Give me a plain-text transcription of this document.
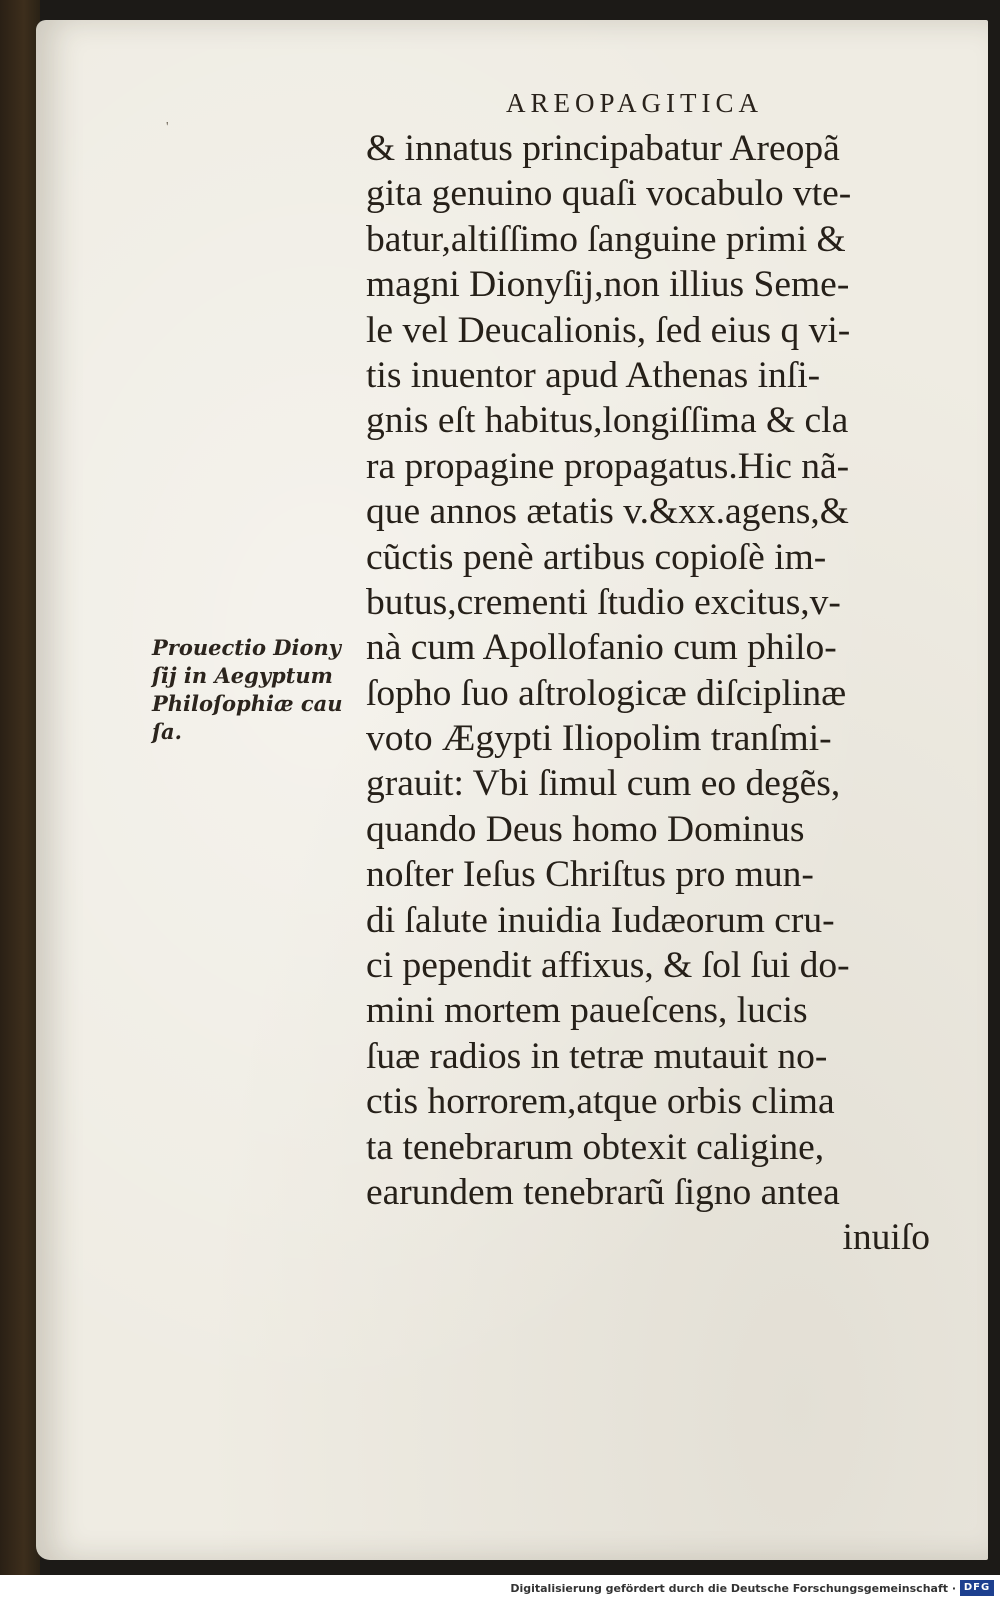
AREOPAGITICA
'
& innatus principabatur Areopã
gita genuino quaſi vocabulo vte-
batur,altiſſimo ſanguine primi &
magni Dionyſij,non illius Seme-
le vel Deucalionis, ſed eius q vi-
tis inuentor apud Athenas inſi-
gnis eſt habitus,longiſſima & cla
ra propagine propagatus.Hic nã-
que annos ætatis v.&xx.agens,&
cũctis penè artibus copioſè im-
butus,crementi ſtudio excitus,v-
nà cum Apollofanio cum philo-
ſopho ſuo aſtrologicæ diſciplinæ
voto Ægypti Iliopolim tranſmi-
grauit: Vbi ſimul cum eo degẽs,
quando Deus homo Dominus
noſter Ieſus Chriſtus pro mun-
di ſalute inuidia Iudæorum cru-
ci pependit affixus, & ſol ſui do-
mini mortem paueſcens, lucis
ſuæ radios in tetræ mutauit no-
ctis horrorem,atque orbis clima
ta tenebrarum obtexit caligine,
earundem tenebrarũ ſigno antea
inuiſo
Prouectio Diony
ſij in Aegyptum
Philoſophiæ cau
ſa.
Digitalisierung gefördert durch die Deutsche Forschungsgemeinschaft · DFG
